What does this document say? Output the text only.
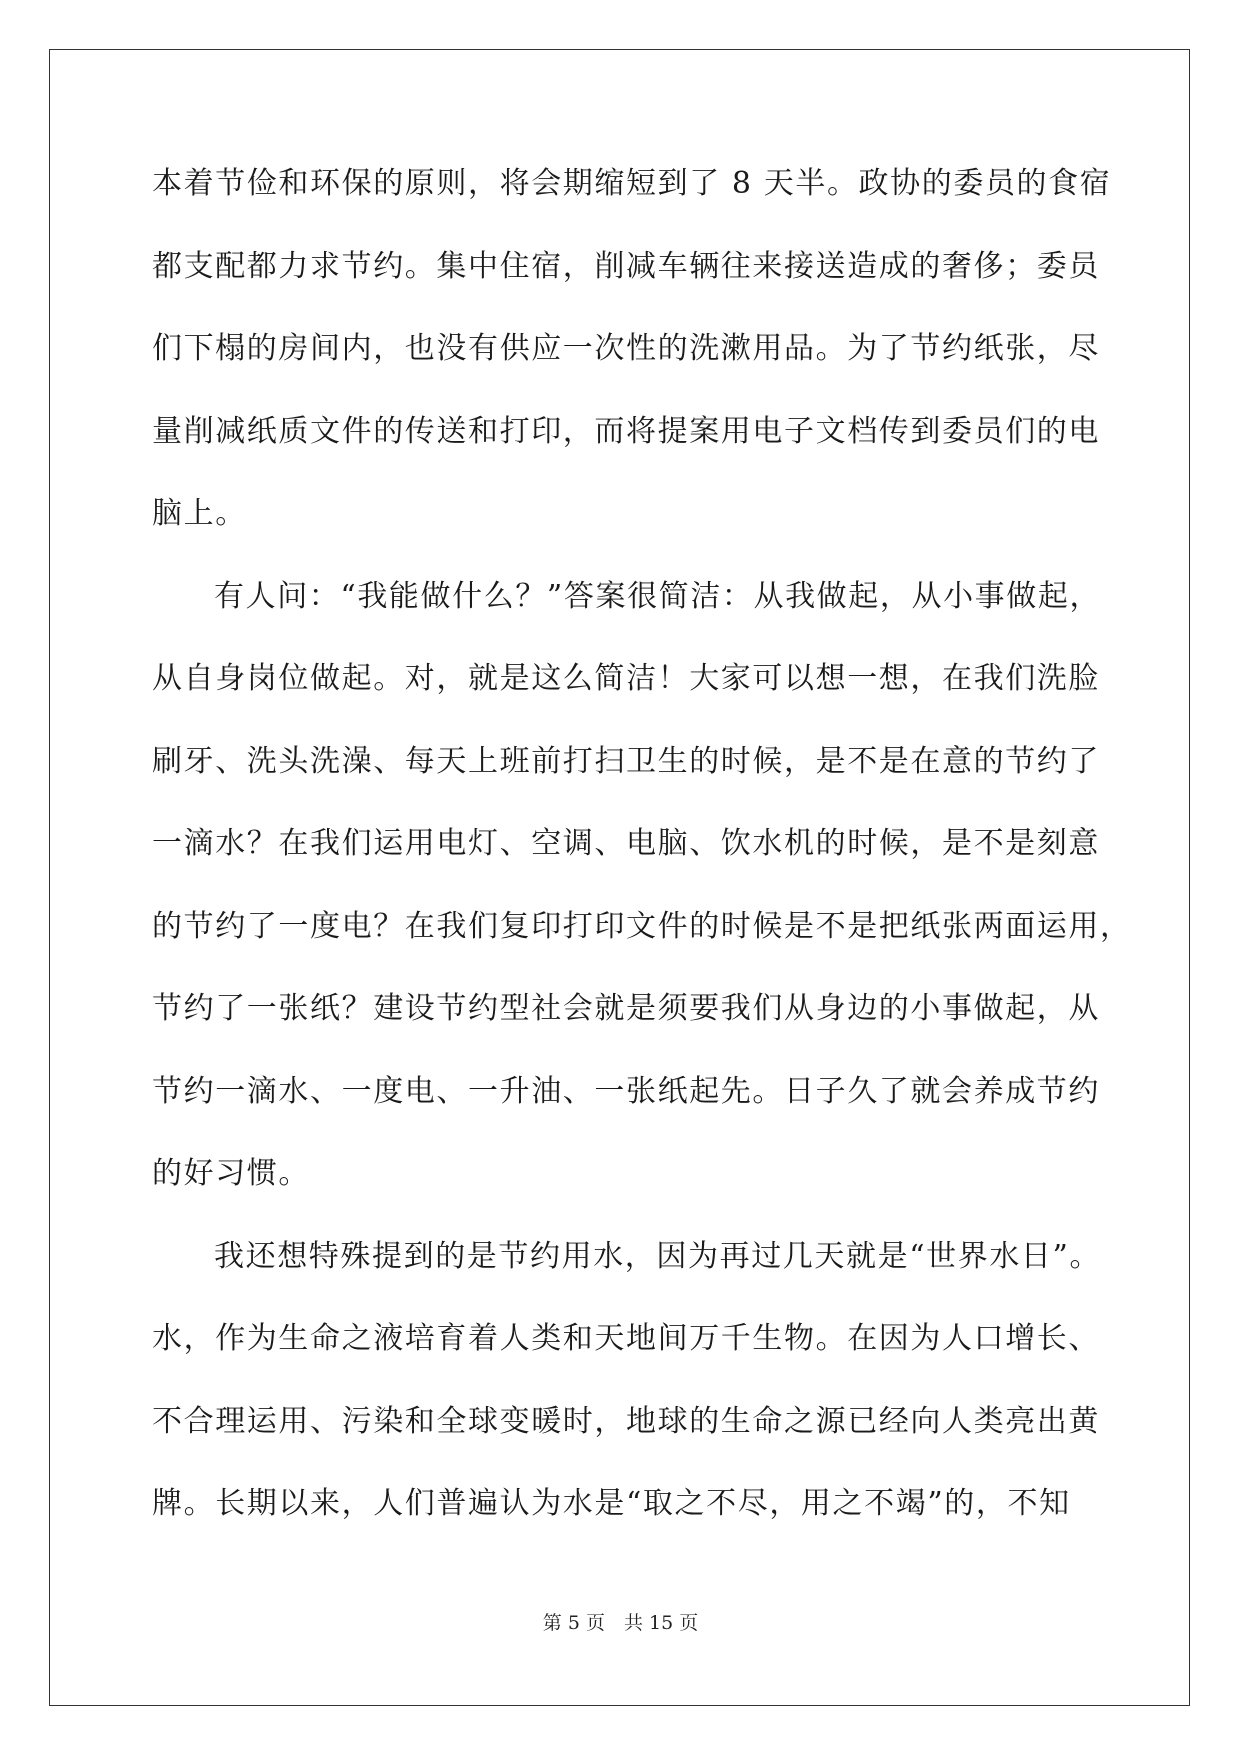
本着节俭和环保的原则，将会期缩短到了 8 天半。政协的委员的食宿
都支配都力求节约。集中住宿，削减车辆往来接送造成的奢侈；委员
们下榻的房间内，也没有供应一次性的洗漱用品。为了节约纸张，尽
量削减纸质文件的传送和打印，而将提案用电子文档传到委员们的电
脑上。
有人问：“我能做什么？”答案很简洁：从我做起，从小事做起，
从自身岗位做起。对，就是这么简洁！大家可以想一想，在我们洗脸
刷牙、洗头洗澡、每天上班前打扫卫生的时候，是不是在意的节约了
一滴水？在我们运用电灯、空调、电脑、饮水机的时候，是不是刻意
的节约了一度电？在我们复印打印文件的时候是不是把纸张两面运用，
节约了一张纸？建设节约型社会就是须要我们从身边的小事做起，从
节约一滴水、一度电、一升油、一张纸起先。日子久了就会养成节约
的好习惯。
我还想特殊提到的是节约用水，因为再过几天就是“世界水日”。
水，作为生命之液培育着人类和天地间万千生物。在因为人口增长、
不合理运用、污染和全球变暖时，地球的生命之源已经向人类亮出黄
牌。长期以来，人们普遍认为水是“取之不尽，用之不竭”的，不知
第 5 页　共 15 页
